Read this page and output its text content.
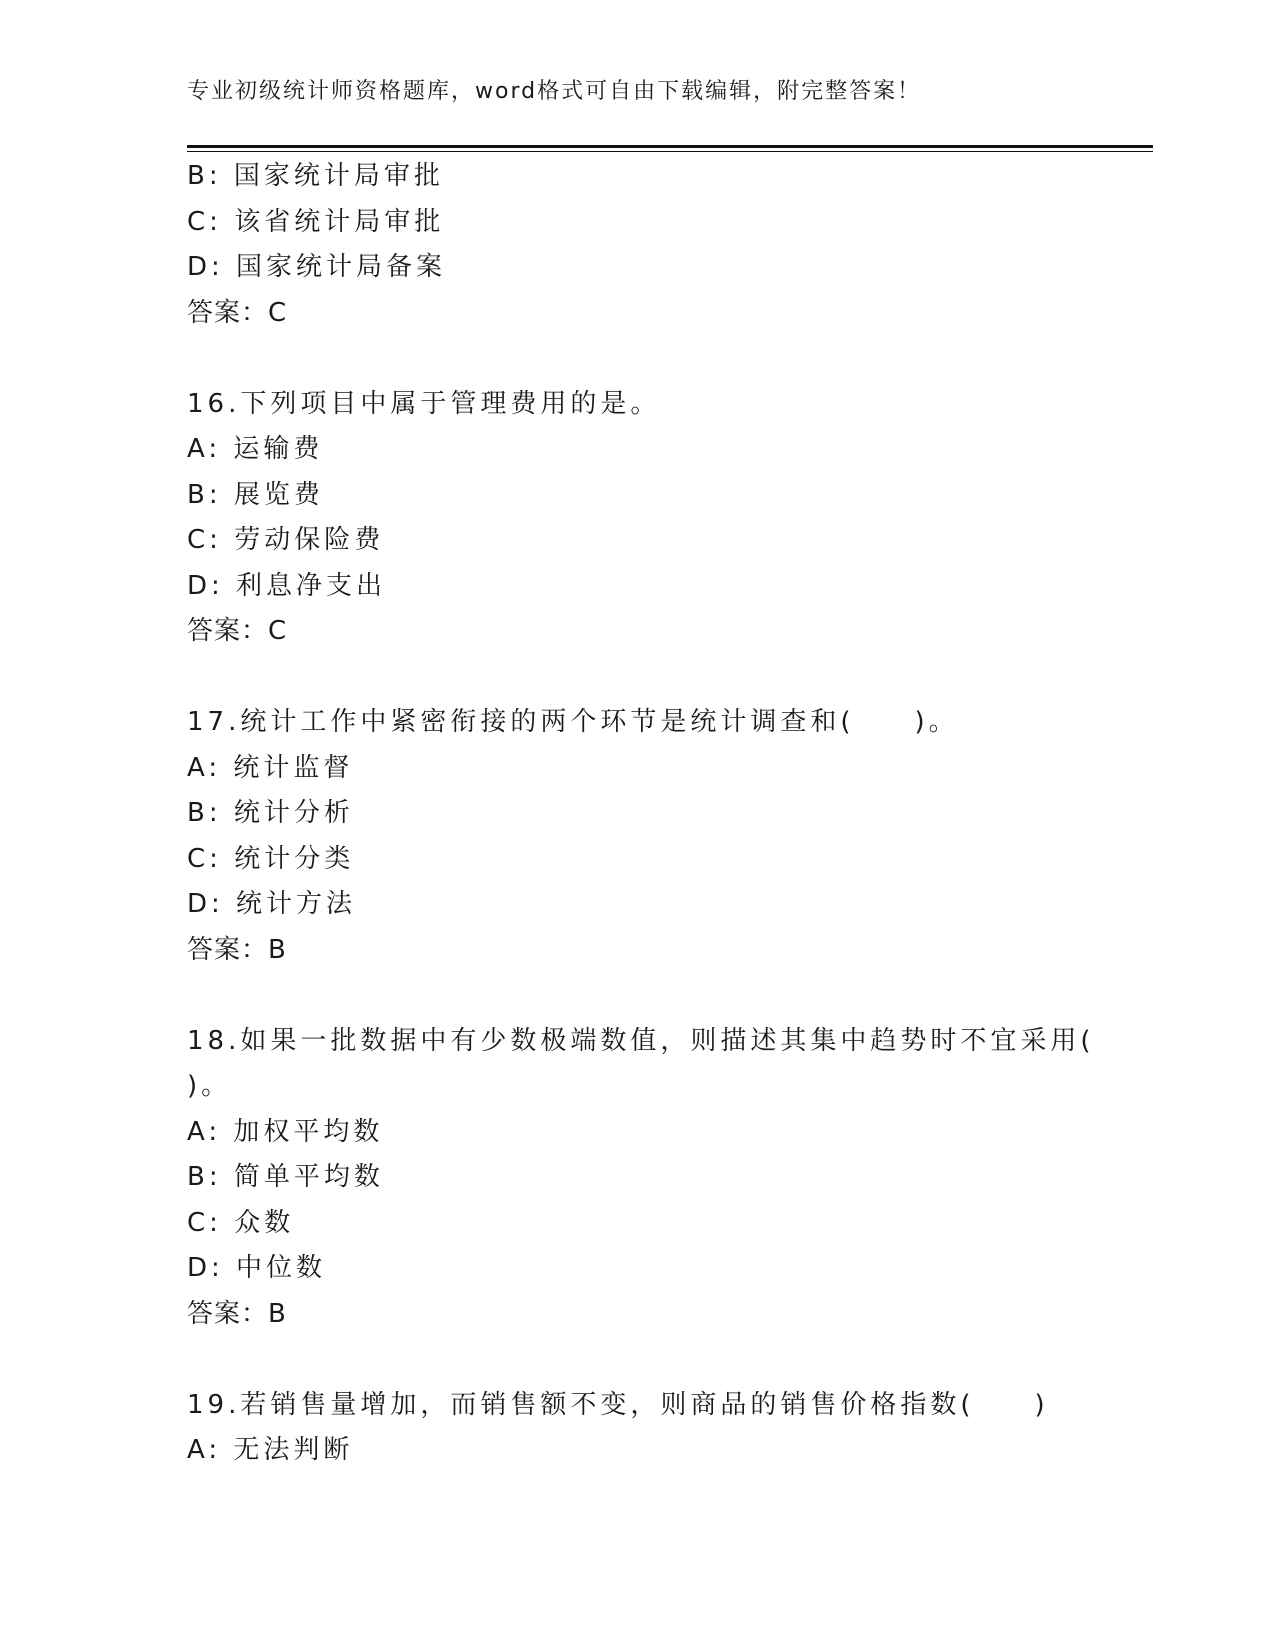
专业初级统计师资格题库，word格式可自由下载编辑，附完整答案！
B: 国家统计局审批
C: 该省统计局审批
D: 国家统计局备案
答案：C
16.下列项目中属于管理费用的是。
A: 运输费
B: 展览费
C: 劳动保险费
D: 利息净支出
答案：C
17.统计工作中紧密衔接的两个环节是统计调查和(　　)。
A: 统计监督
B: 统计分析
C: 统计分类
D: 统计方法
答案：B
18.如果一批数据中有少数极端数值，则描述其集中趋势时不宜采用(
)。
A: 加权平均数
B: 简单平均数
C: 众数
D: 中位数
答案：B
19.若销售量增加，而销售额不变，则商品的销售价格指数(　　)
A: 无法判断
